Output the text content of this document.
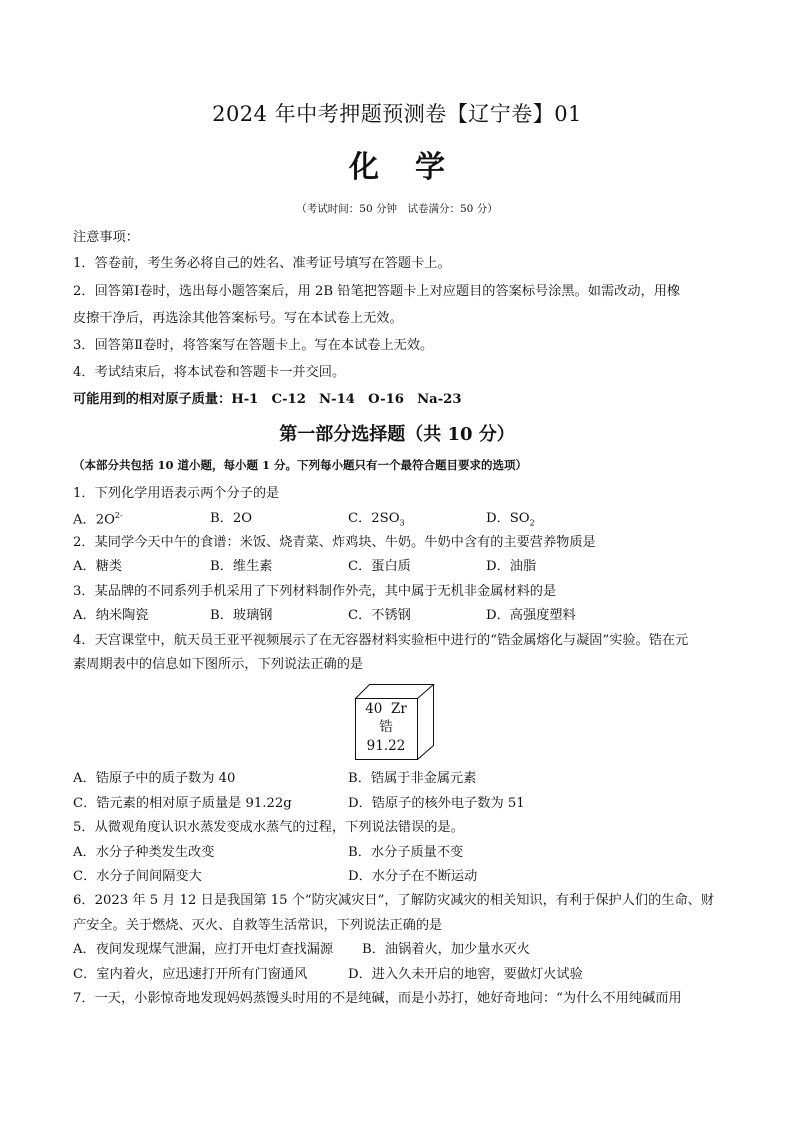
2024 年中考押题预测卷【辽宁卷】01
化学
（考试时间：50 分钟　试卷满分：50 分）
注意事项：
1．答卷前，考生务必将自己的姓名、准考证号填写在答题卡上。
2．回答第Ⅰ卷时，选出每小题答案后，用 2B 铅笔把答题卡上对应题目的答案标号涂黑。如需改动，用橡
皮擦干净后，再选涂其他答案标号。写在本试卷上无效。
3．回答第Ⅱ卷时，将答案写在答题卡上。写在本试卷上无效。
4．考试结束后，将本试卷和答题卡一并交回。
可能用到的相对原子质量：H-1　C-12　N-14　O-16　Na-23
第一部分选择题（共 10 分）
（本部分共包括 10 道小题，每小题 1 分。下列每小题只有一个最符合题目要求的选项）
1．下列化学用语表示两个分子的是
A．$2O^{2-}$	B．2O	C．$2SO_3$	D．$SO_2$
2．某同学今天中午的食谱：米饭、烧青菜、炸鸡块、牛奶。牛奶中含有的主要营养物质是
A．糖类	B．维生素	C．蛋白质	D．油脂
3．某品牌的不同系列手机采用了下列材料制作外壳，其中属于无机非金属材料的是
A．纳米陶瓷	B．玻璃钢	C．不锈钢	D．高强度塑料
4．天宫课堂中，航天员王亚平视频展示了在无容器材料实验柜中进行的“锆金属熔化与凝固”实验。锆在元
素周期表中的信息如下图所示，下列说法正确的是
40 Zr
锆
91.22
A．锆原子中的质子数为 40	B．锆属于非金属元素
C．锆元素的相对原子质量是 91.22g	D．锆原子的核外电子数为 51
5．从微观角度认识水蒸发变成水蒸气的过程，下列说法错误的是。
A．水分子种类发生改变	B．水分子质量不变
C．水分子间间隔变大	D．水分子在不断运动
6．2023 年 5 月 12 日是我国第 15 个“防灾减灾日”，了解防灾减灾的相关知识，有利于保护人们的生命、财
产安全。关于燃烧、灭火、自救等生活常识，下列说法正确的是
A．夜间发现煤气泄漏，应打开电灯查找漏源 B．油锅着火，加少量水灭火
C．室内着火，应迅速打开所有门窗通风	D．进入久未开启的地窖，要做灯火试验
7．一天，小影惊奇地发现妈妈蒸馒头时用的不是纯碱，而是小苏打，她好奇地问：“为什么不用纯碱而用
